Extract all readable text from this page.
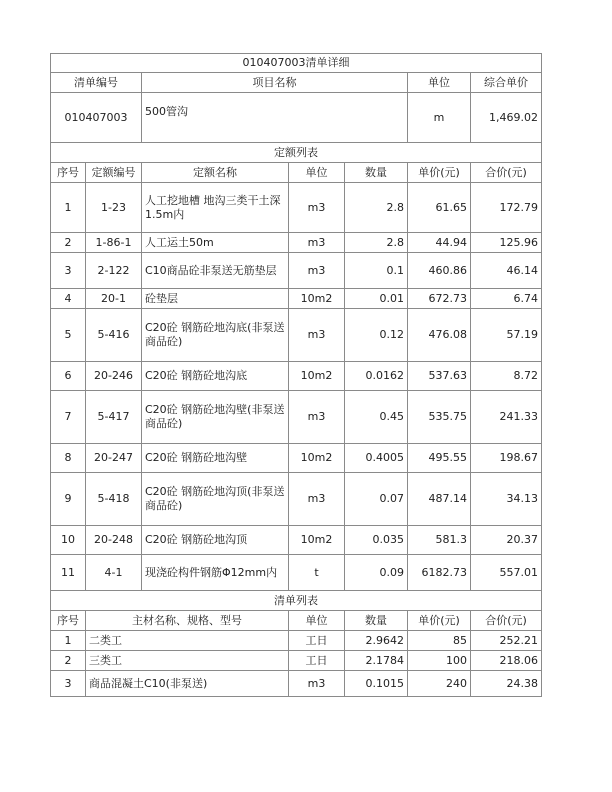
010407003清单详细						
清单编号		项目名称			单位	综合单价
010407003		500管沟			m	1,469.02
定额列表						
序号	定额编号	定额名称	单位	数量	单价(元)	合价(元)
1	1-23	人工挖地槽 地沟三类干土深1.5m内	m3	2.8	61.65	172.79
2	1-86-1	人工运土50m	m3	2.8	44.94	125.96
3	2-122	C10商品砼非泵送无筋垫层	m3	0.1	460.86	46.14
4	20-1	砼垫层	10m2	0.01	672.73	6.74
5	5-416	C20砼 钢筋砼地沟底(非泵送商品砼)	m3	0.12	476.08	57.19
6	20-246	C20砼 钢筋砼地沟底	10m2	0.0162	537.63	8.72
7	5-417	C20砼 钢筋砼地沟壁(非泵送商品砼)	m3	0.45	535.75	241.33
8	20-247	C20砼 钢筋砼地沟壁	10m2	0.4005	495.55	198.67
9	5-418	C20砼 钢筋砼地沟顶(非泵送商品砼)	m3	0.07	487.14	34.13
10	20-248	C20砼 钢筋砼地沟顶	10m2	0.035	581.3	20.37
11	4-1	现浇砼构件钢筋Φ12mm内	t	0.09	6182.73	557.01
清单列表						
序号	主材名称、规格、型号		单位	数量	单价(元)	合价(元)
1	二类工		工日	2.9642	85	252.21
2	三类工		工日	2.1784	100	218.06
3	商品混凝土C10(非泵送)		m3	0.1015	240	24.38
